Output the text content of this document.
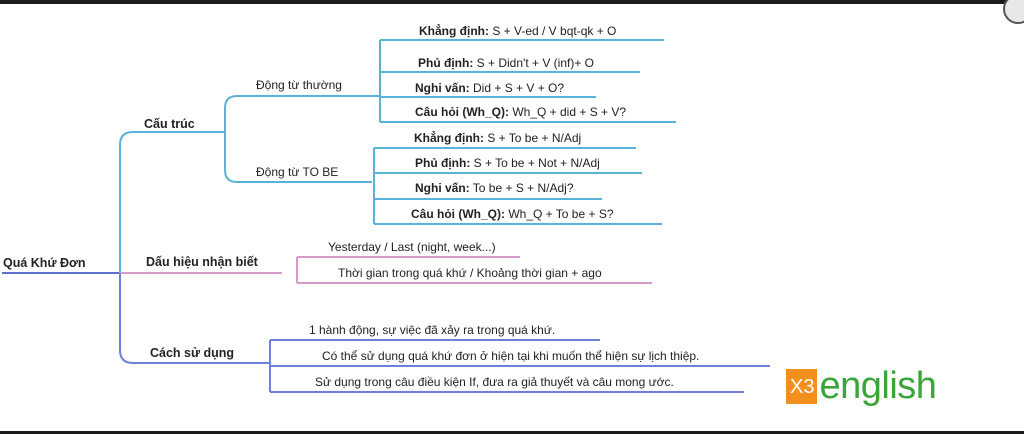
Quá Khứ Đơn
Cấu trúc
Động từ thường
Động từ TO BE
Khẳng định: S + V-ed / V bqt-qk + O
Phủ định: S + Didn't + V (inf)+ O
Nghi vấn: Did + S + V + O?
Câu hỏi (Wh_Q): Wh_Q + did + S + V?
Khẳng định: S + To be + N/Adj
Phủ định: S + To be + Not + N/Adj
Nghi vấn: To be + S + N/Adj?
Câu hỏi (Wh_Q): Wh_Q + To be + S?
Dấu hiệu nhận biết
Yesterday / Last (night, week...)
Thời gian trong quá khứ / Khoảng thời gian + ago
Cách sử dụng
1 hành động, sự việc đã xảy ra trong quá khứ.
Có thể sử dụng quá khứ đơn ở hiện tại khi muốn thể hiện sự lịch thiệp.
Sử dụng trong câu điều kiện If, đưa ra giả thuyết và câu mong ước.	X3 english
